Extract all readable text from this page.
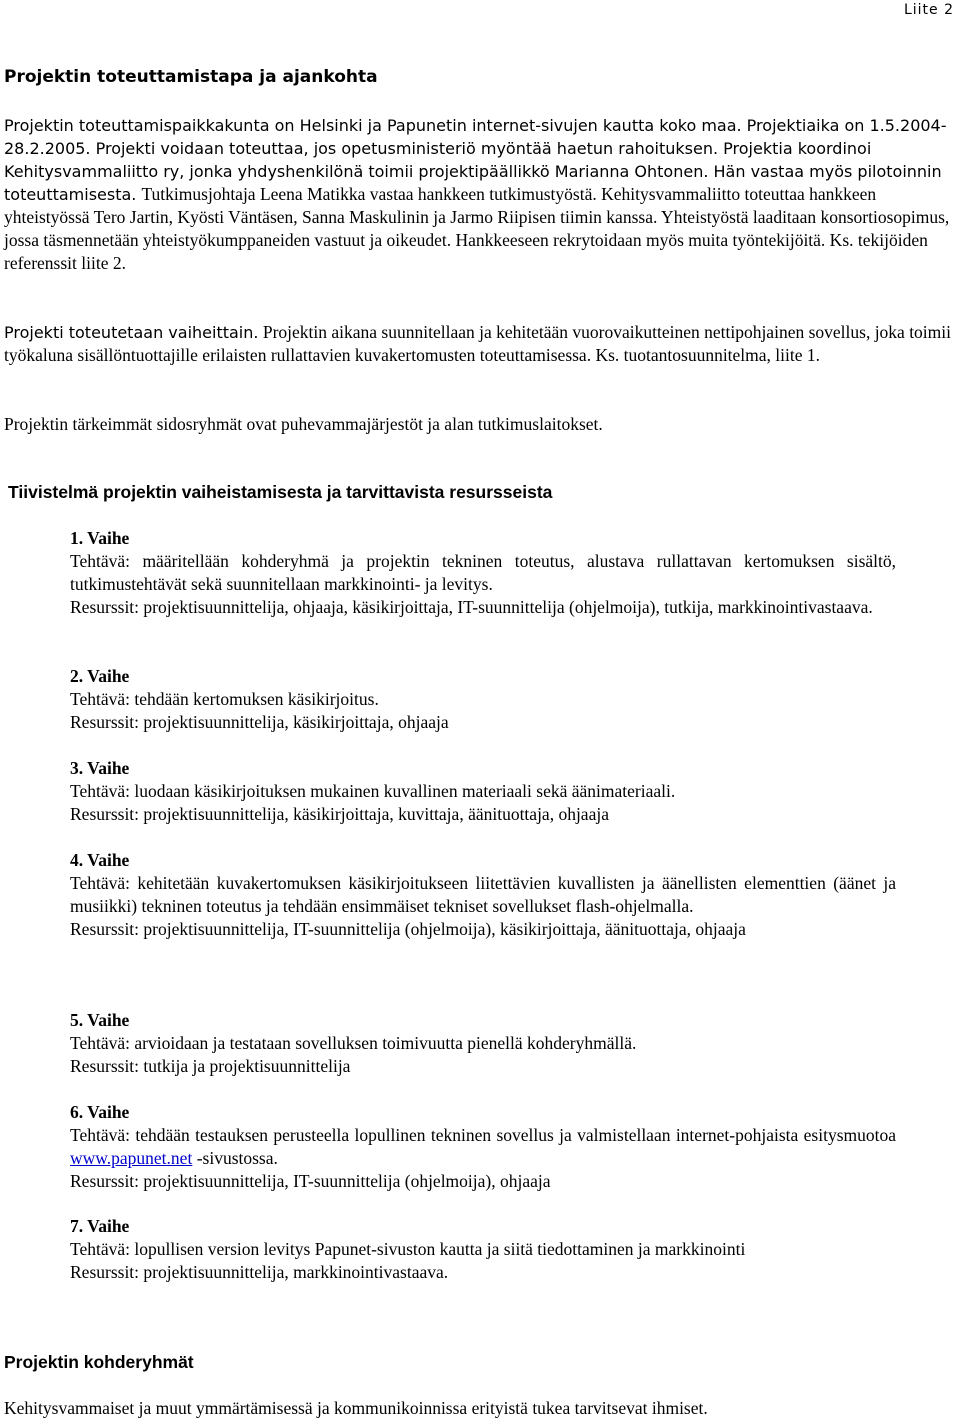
Liite 2
Projektin toteuttamistapa ja ajankohta

Projektin toteuttamispaikkakunta on Helsinki ja Papunetin internet-sivujen kautta koko maa. Projektiaika on 1.5.2004-28.2.2005. Projekti voidaan toteuttaa, jos opetusministeriö myöntää haetun rahoituksen. Projektia koordinoi Kehitysvammaliitto ry, jonka yhdyshenkilönä toimii projektipäällikkö Marianna Ohtonen. Hän vastaa myös pilotoinnin toteuttamisesta. Tutkimusjohtaja Leena Matikka vastaa hankkeen tutkimustyöstä. Kehitysvammaliitto toteuttaa hankkeen yhteistyössä Tero Jartin, Kyösti Väntäsen, Sanna Maskulinin ja Jarmo Riipisen tiimin kanssa. Yhteistyöstä laaditaan konsortiosopimus, jossa täsmennetään yhteistyökumppaneiden vastuut ja oikeudet. Hankkeeseen rekrytoidaan myös muita työntekijöitä. Ks. tekijöiden referenssit liite 2.

Projekti toteutetaan vaiheittain. Projektin aikana suunnitellaan ja kehitetään vuorovaikutteinen nettipohjainen sovellus, joka toimii työkaluna sisällöntuottajille erilaisten rullattavien kuvakertomusten toteuttamisessa. Ks. tuotantosuunnitelma, liite 1.

Projektin tärkeimmät sidosryhmät ovat puhevammajärjestöt ja alan tutkimuslaitokset.

Tiivistelmä projektin vaiheistamisesta ja tarvittavista resursseista
1. Vaihe
Tehtävä: määritellään kohderyhmä ja projektin tekninen toteutus, alustava rullattavan kertomuksen sisältö, tutkimustehtävät sekä suunnitellaan markkinointi- ja levitys.
Resurssit: projektisuunnittelija, ohjaaja, käsikirjoittaja, IT-suunnittelija (ohjelmoija), tutkija, markkinointivastaava.
2. Vaihe
Tehtävä: tehdään kertomuksen käsikirjoitus.
Resurssit: projektisuunnittelija, käsikirjoittaja, ohjaaja
3. Vaihe
Tehtävä: luodaan käsikirjoituksen mukainen kuvallinen materiaali sekä äänimateriaali.
Resurssit: projektisuunnittelija, käsikirjoittaja, kuvittaja, äänituottaja, ohjaaja
4. Vaihe
Tehtävä: kehitetään kuvakertomuksen käsikirjoitukseen liitettävien kuvallisten ja äänellisten elementtien (äänet ja musiikki) tekninen toteutus ja tehdään ensimmäiset tekniset sovellukset flash-ohjelmalla.
Resurssit: projektisuunnittelija, IT-suunnittelija (ohjelmoija), käsikirjoittaja, äänituottaja, ohjaaja
5. Vaihe
Tehtävä: arvioidaan ja testataan sovelluksen toimivuutta pienellä kohderyhmällä.
Resurssit: tutkija ja projektisuunnittelija
6. Vaihe
Tehtävä: tehdään testauksen perusteella lopullinen tekninen sovellus ja valmistellaan internet-pohjaista esitysmuotoa www.papunet.net -sivustossa.
Resurssit: projektisuunnittelija, IT-suunnittelija (ohjelmoija), ohjaaja
7. Vaihe
Tehtävä: lopullisen version levitys Papunet-sivuston kautta ja siitä tiedottaminen ja markkinointi
Resurssit: projektisuunnittelija, markkinointivastaava.
Projektin kohderyhmät

Kehitysvammaiset ja muut ymmärtämisessä ja kommunikoinnissa erityistä tukea tarvitsevat ihmiset.
